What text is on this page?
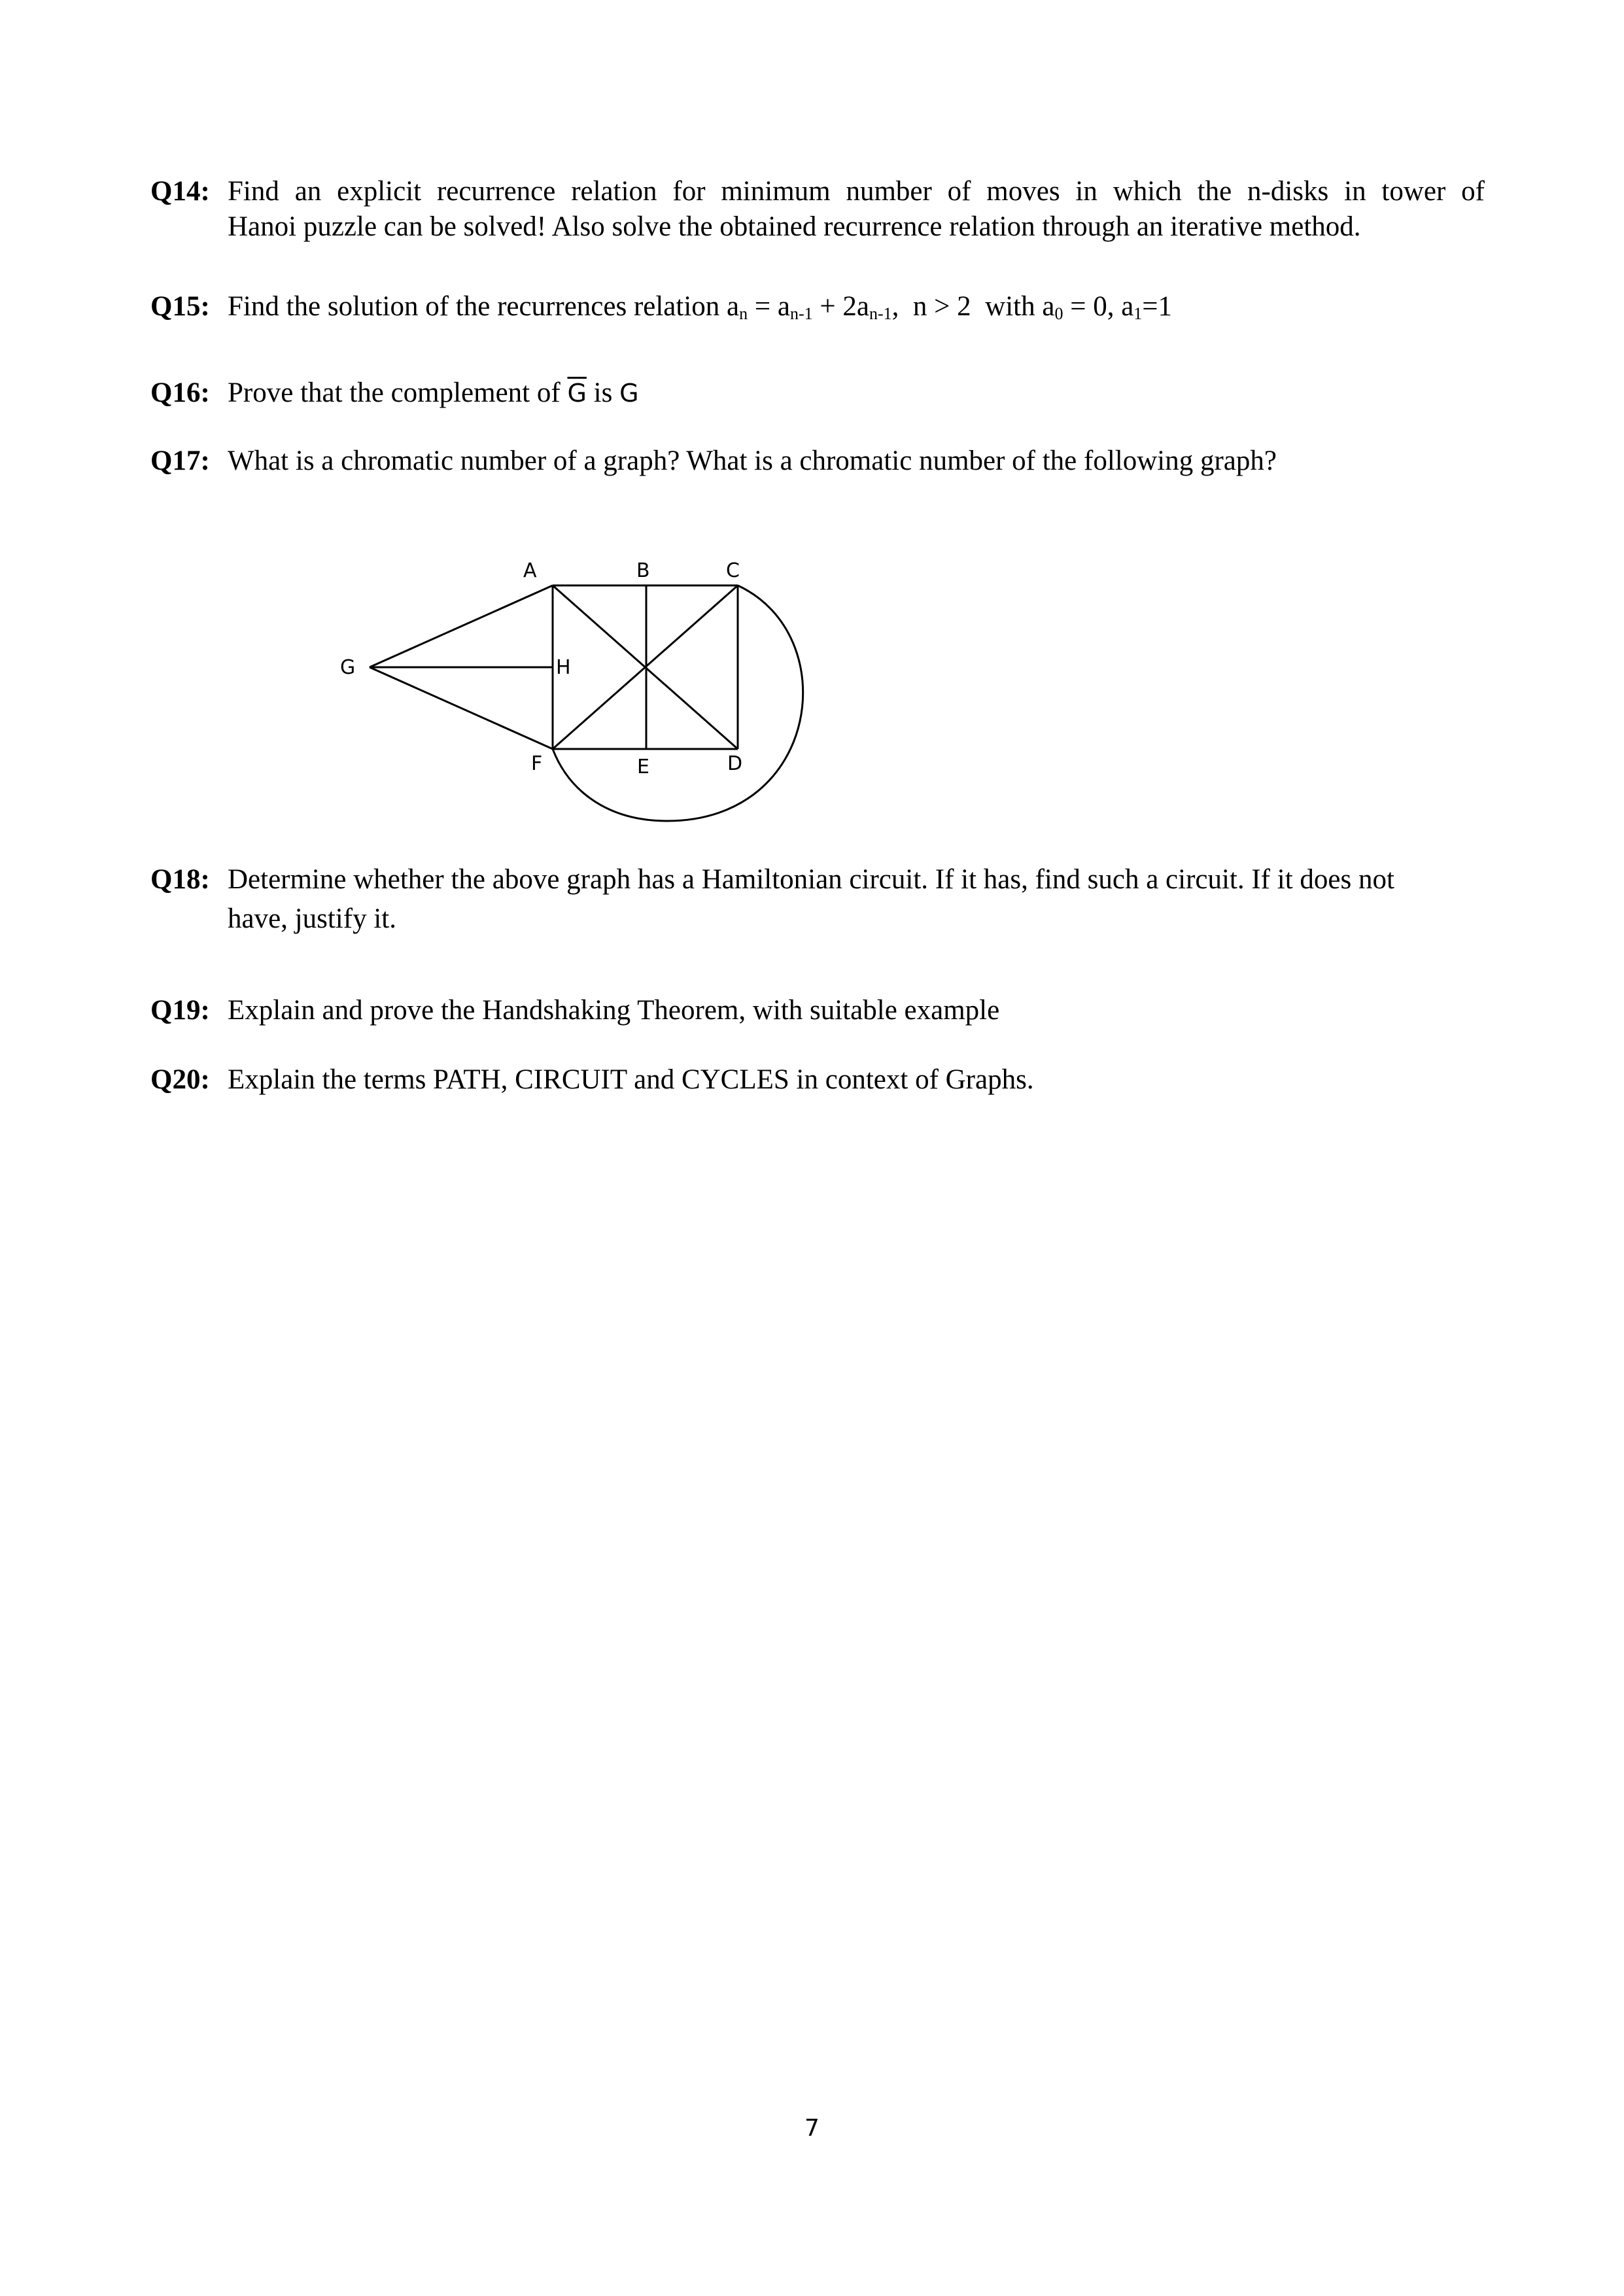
Q14: Find an explicit recurrence relation for minimum number of moves in which the n-disks in tower of
Hanoi puzzle can be solved! Also solve the obtained recurrence relation through an iterative method.
Q15: Find the solution of the recurrences relation $a_n = a_{n-1} + 2a_{n-1}$,  n > 2  with $a_0 = 0$, $a_1=1$
Q16: Prove that the complement of $\overline{G}$ is G
Q17: What is a chromatic number of a graph? What is a chromatic number of the following graph?
A	B	C
G	H
F	E	D
Q18: Determine whether the above graph has a Hamiltonian circuit. If it has, find such a circuit. If it does not
have, justify it.
Q19: Explain and prove the Handshaking Theorem, with suitable example
Q20: Explain the terms PATH, CIRCUIT and CYCLES in context of Graphs.
7
